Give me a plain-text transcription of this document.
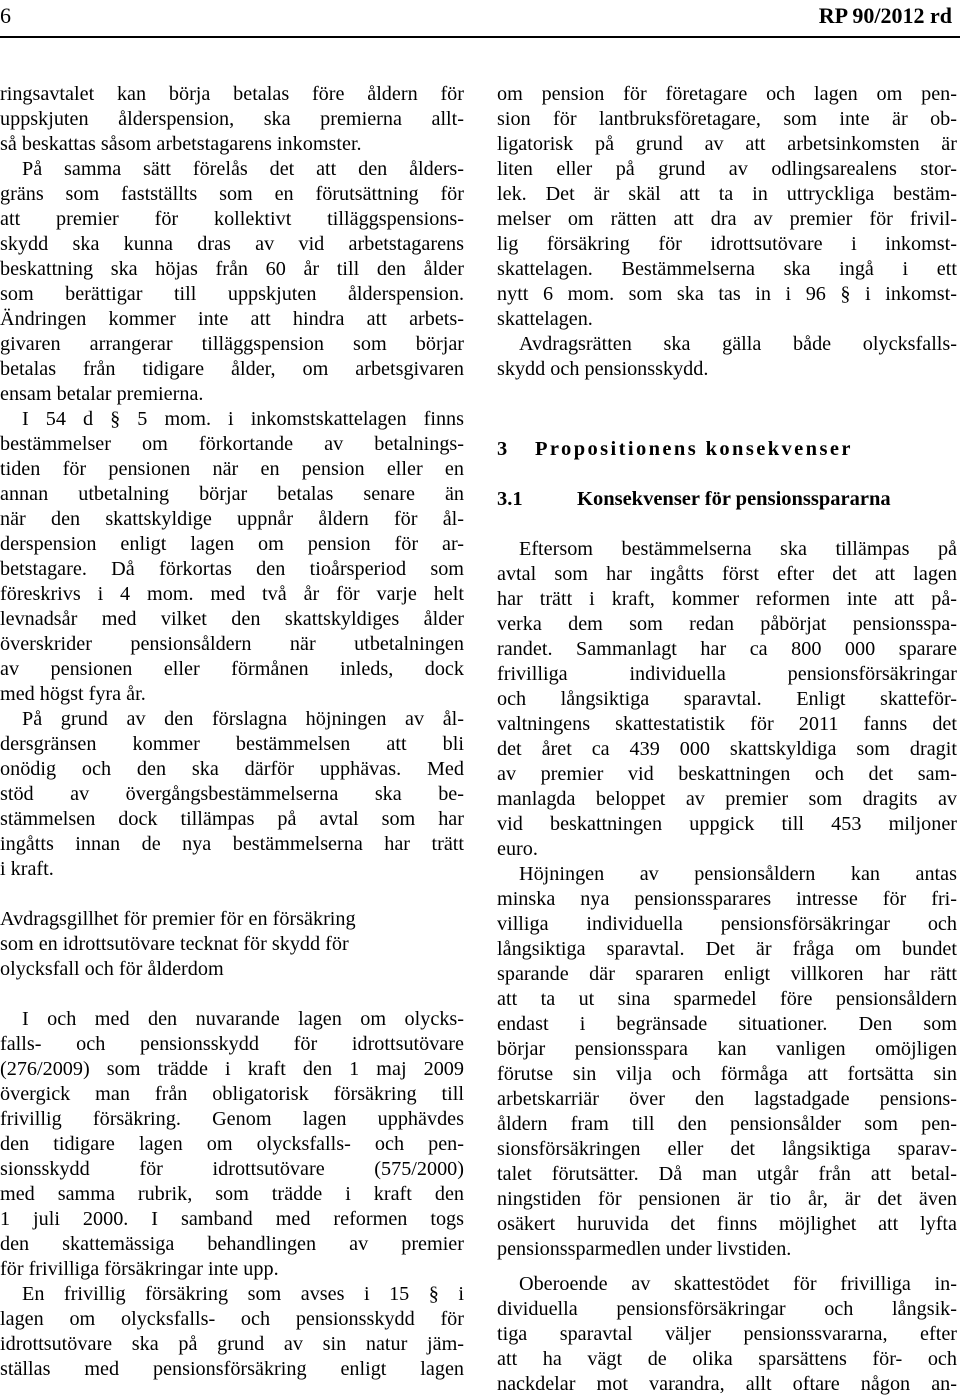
6	RP 90/2012 rd
ringsavtalet kan börja betalas före åldern för
uppskjuten ålderspension, ska premierna allt-
så beskattas såsom arbetstagarens inkomster.
På samma sätt förelås det att den ålders-
gräns som fastställts som en förutsättning för
att premier för kollektivt tilläggspensions-
skydd ska kunna dras av vid arbetstagarens
beskattning ska höjas från 60 år till den ålder
som berättigar till uppskjuten ålderspension.
Ändringen kommer inte att hindra att arbets-
givaren arrangerar tilläggspension som börjar
betalas från tidigare ålder, om arbetsgivaren
ensam betalar premierna.
I 54 d § 5 mom. i inkomstskattelagen finns
bestämmelser om förkortande av betalnings-
tiden för pensionen när en pension eller en
annan utbetalning börjar betalas senare än
när den skattskyldige uppnår åldern för ål-
derspension enligt lagen om pension för ar-
betstagare. Då förkortas den tioårsperiod som
föreskrivs i 4 mom. med två år för varje helt
levnadsår med vilket den skattskyldiges ålder
överskrider pensionsåldern när utbetalningen
av pensionen eller förmånen inleds, dock
med högst fyra år.
På grund av den förslagna höjningen av ål-
dersgränsen kommer bestämmelsen att bli
onödig och den ska därför upphävas. Med
stöd av övergångsbestämmelserna ska be-
stämmelsen dock tillämpas på avtal som har
ingåtts innan de nya bestämmelserna har trätt
i kraft.
Avdragsgillhet för premier för en försäkring
som en idrottsutövare tecknat för skydd för
olycksfall och för ålderdom
I och med den nuvarande lagen om olycks-
falls- och pensionsskydd för idrottsutövare
(276/2009) som trädde i kraft den 1 maj 2009
övergick man från obligatorisk försäkring till
frivillig försäkring. Genom lagen upphävdes
den tidigare lagen om olycksfalls- och pen-
sionsskydd för idrottsutövare (575/2000)
med samma rubrik, som trädde i kraft den
1 juli 2000. I samband med reformen togs
den skattemässiga behandlingen av premier
för frivilliga försäkringar inte upp.
En frivillig försäkring som avses i 15 § i
lagen om olycksfalls- och pensionsskydd för
idrottsutövare ska på grund av sin natur jäm-
ställas med pensionsförsäkring enligt lagen
3 Propositionens konsekvenser
3.1	Konsekvenser för pensionsspararna
om pension för företagare och lagen om pen-
sion för lantbruksföretagare, som inte är ob-
ligatorisk på grund av att arbetsinkomsten är
liten eller på grund av odlingsarealens stor-
lek. Det är skäl att ta in uttryckliga bestäm-
melser om rätten att dra av premier för frivil-
lig försäkring för idrottsutövare i inkomst-
skattelagen. Bestämmelserna ska ingå i ett
nytt 6 mom. som ska tas in i 96 § i inkomst-
skattelagen.
Avdragsrätten ska gälla både olycksfalls-
skydd och pensionsskydd.
Eftersom bestämmelserna ska tillämpas på
avtal som har ingåtts först efter det att lagen
har trätt i kraft, kommer reformen inte att på-
verka dem som redan påbörjat pensionsspa-
randet. Sammanlagt har ca 800 000 sparare
frivilliga individuella pensionsförsäkringar
och långsiktiga sparavtal. Enligt skatteför-
valtningens skattestatistik för 2011 fanns det
det året ca 439 000 skattskyldiga som dragit
av premier vid beskattningen och det sam-
manlagda beloppet av premier som dragits av
vid beskattningen uppgick till 453 miljoner
euro.
Höjningen av pensionsåldern kan antas
minska nya pensionssparares intresse för fri-
villiga individuella pensionsförsäkringar och
långsiktiga sparavtal. Det är fråga om bundet
sparande där spararen enligt villkoren har rätt
att ta ut sina sparmedel före pensionsåldern
endast i begränsade situationer. Den som
börjar pensionsspara kan vanligen omöjligen
förutse sin vilja och förmåga att fortsätta sin
arbetskarriär över den lagstadgade pensions-
åldern fram till den pensionsålder som pen-
sionsförsäkringen eller det långsiktiga sparav-
talet förutsätter. Då man utgår från att betal-
ningstiden för pensionen är tio år, är det även
osäkert huruvida det finns möjlighet att lyfta
pensionssparmedlen under livstiden.
Oberoende av skattestödet för frivilliga in-
dividuella pensionsförsäkringar och långsik-
tiga sparavtal väljer pensionssvararna, efter
att ha vägt de olika sparsättens för- och
nackdelar mot varandra, allt oftare någon an-
